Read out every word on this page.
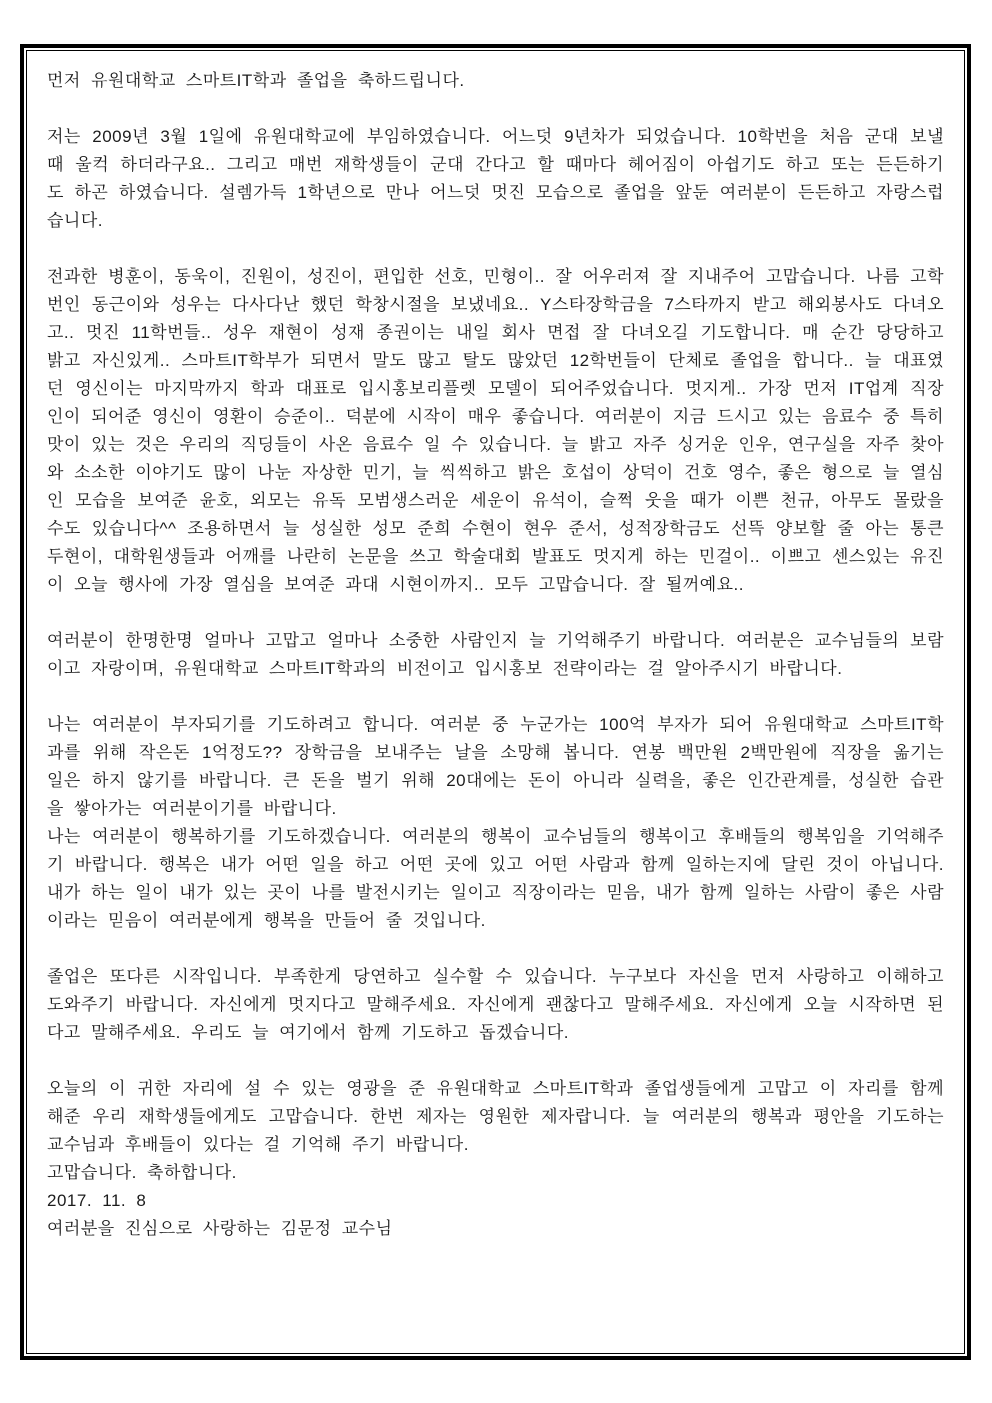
먼저 유원대학교 스마트IT학과 졸업을 축하드립니다.

저는 2009년 3월 1일에 유원대학교에 부임하였습니다. 어느덧 9년차가 되었습니다. 10학번을 처음 군대 보낼 때 울컥 하더라구요.. 그리고 매번 재학생들이 군대 간다고 할 때마다 헤어짐이 아쉽기도 하고 또는 든든하기도 하곤 하였습니다. 설렘가득 1학년으로 만나 어느덧 멋진 모습으로 졸업을 앞둔 여러분이 든든하고 자랑스럽습니다.

전과한 병훈이, 동욱이, 진원이, 성진이, 편입한 선호, 민형이.. 잘 어우러져 잘 지내주어 고맙습니다. 나름 고학번인 동근이와 성우는 다사다난 했던 학창시절을 보냈네요.. Y스타장학금을 7스타까지 받고 해외봉사도 다녀오고.. 멋진 11학번들.. 성우 재현이 성재 종권이는 내일 회사 면접 잘 다녀오길 기도합니다. 매 순간 당당하고 밝고 자신있게.. 스마트IT학부가 되면서 말도 많고 탈도 많았던 12학번들이 단체로 졸업을 합니다.. 늘 대표였던 영신이는 마지막까지 학과 대표로 입시홍보리플렛 모델이 되어주었습니다. 멋지게.. 가장 먼저 IT업계 직장인이 되어준 영신이 영환이 승준이.. 덕분에 시작이 매우 좋습니다. 여러분이 지금 드시고 있는 음료수 중 특히 맛이 있는 것은 우리의 직딩들이 사온 음료수 일 수 있습니다. 늘 밝고 자주 싱거운 인우, 연구실을 자주 찾아와 소소한 이야기도 많이 나눈 자상한 민기, 늘 씩씩하고 밝은 호섭이 상덕이 건호 영수, 좋은 형으로 늘 열심인 모습을 보여준 윤호, 외모는 유독 모범생스러운 세운이 유석이, 슬쩍 웃을 때가 이쁜 천규, 아무도 몰랐을 수도 있습니다^^ 조용하면서 늘 성실한 성모 준희 수현이 현우 준서, 성적장학금도 선뜩 양보할 줄 아는 통큰 두현이, 대학원생들과 어깨를 나란히 논문을 쓰고 학술대회 발표도 멋지게 하는 민걸이.. 이쁘고 센스있는 유진이 오늘 행사에 가장 열심을 보여준 과대 시현이까지.. 모두 고맙습니다. 잘 될꺼예요..

여러분이 한명한명 얼마나 고맙고 얼마나 소중한 사람인지 늘 기억해주기 바랍니다. 여러분은 교수님들의 보람이고 자랑이며, 유원대학교 스마트IT학과의 비전이고 입시홍보 전략이라는 걸 알아주시기 바랍니다.

나는 여러분이 부자되기를 기도하려고 합니다. 여러분 중 누군가는 100억 부자가 되어 유원대학교 스마트IT학과를 위해 작은돈 1억정도?? 장학금을 보내주는 날을 소망해 봅니다. 연봉 백만원 2백만원에 직장을 옮기는 일은 하지 않기를 바랍니다. 큰 돈을 벌기 위해 20대에는 돈이 아니라 실력을, 좋은 인간관계를, 성실한 습관을 쌓아가는 여러분이기를 바랍니다.

나는 여러분이 행복하기를 기도하겠습니다. 여러분의 행복이 교수님들의 행복이고 후배들의 행복임을 기억해주기 바랍니다. 행복은 내가 어떤 일을 하고 어떤 곳에 있고 어떤 사람과 함께 일하는지에 달린 것이 아닙니다. 내가 하는 일이 내가 있는 곳이 나를 발전시키는 일이고 직장이라는 믿음, 내가 함께 일하는 사람이 좋은 사람이라는 믿음이 여러분에게 행복을 만들어 줄 것입니다.

졸업은 또다른 시작입니다. 부족한게 당연하고 실수할 수 있습니다. 누구보다 자신을 먼저 사랑하고 이해하고 도와주기 바랍니다. 자신에게 멋지다고 말해주세요. 자신에게 괜찮다고 말해주세요. 자신에게 오늘 시작하면 된다고 말해주세요. 우리도 늘 여기에서 함께 기도하고 돕겠습니다.

오늘의 이 귀한 자리에 설 수 있는 영광을 준 유원대학교 스마트IT학과 졸업생들에게 고맙고 이 자리를 함께 해준 우리 재학생들에게도 고맙습니다. 한번 제자는 영원한 제자랍니다. 늘 여러분의 행복과 평안을 기도하는 교수님과 후배들이 있다는 걸 기억해 주기 바랍니다.

고맙습니다. 축하합니다.

2017. 11. 8

여러분을 진심으로 사랑하는 김문정 교수님
